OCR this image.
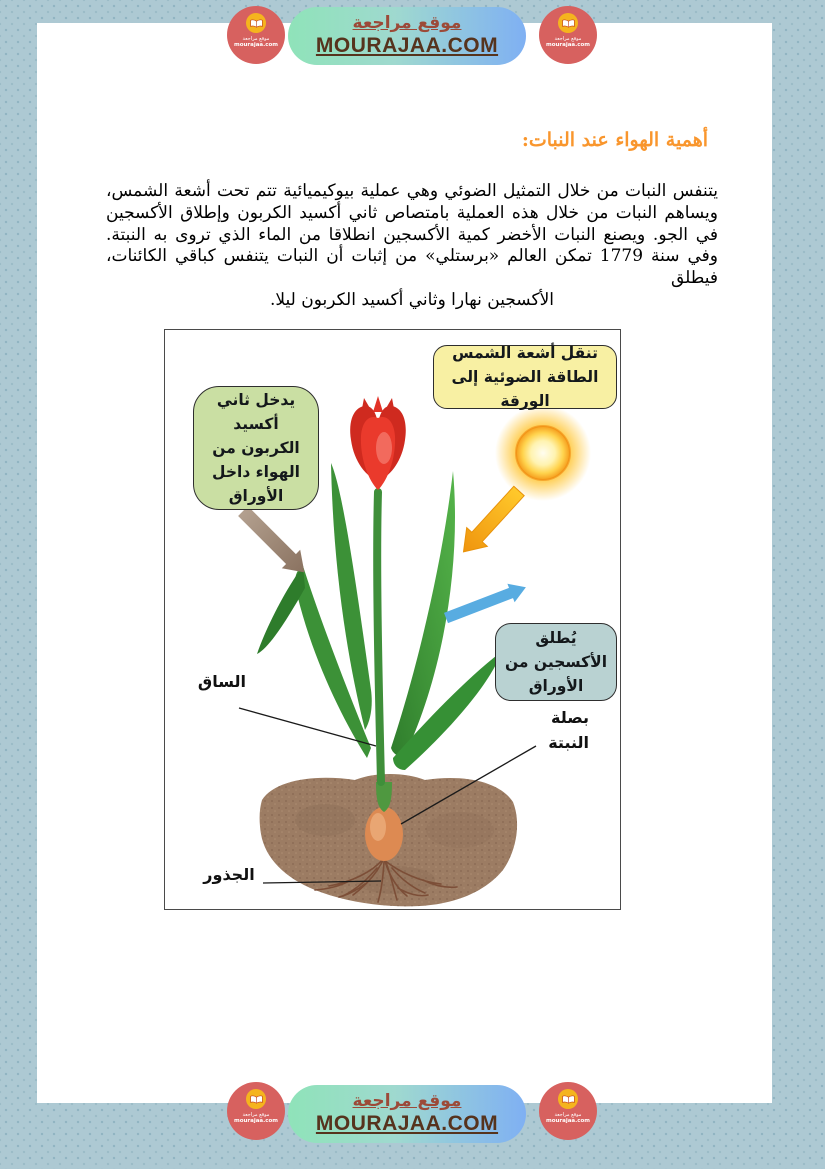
موقع مراجعة
MOURAJAA.COM
موقع مراجعة
mourajaa.com
موقع مراجعة
mourajaa.com
أهمية الهواء عند النبات:
يتنفس النبات من خلال التمثيل الضوئي وهي عملية بيوكيميائية تتم تحت أشعة الشمس،
ويساهم النبات من خلال هذه العملية بامتصاص ثاني أكسيد الكربون وإطلاق الأكسجين
في الجو. ويصنع النبات الأخضر كمية الأكسجين انطلاقا من الماء الذي تروى به النبتة.
وفي سنة 1779 تمكن العالم «برستلي» من إثبات أن النبات يتنفس كباقي الكائنات، فيطلق
الأكسجين نهارا وثاني أكسيد الكربون ليلا.
تنقل أشعة الشمس الطاقة الضوئية إلى الورقة
يدخل ثاني أكسيد الكربون من الهواء داخل الأوراق
يُطلق الأكسجين من الأوراق
الساق
بصلة
النبتة
الجذور
موقع مراجعة
MOURAJAA.COM
موقع مراجعة
mourajaa.com
موقع مراجعة
mourajaa.com
